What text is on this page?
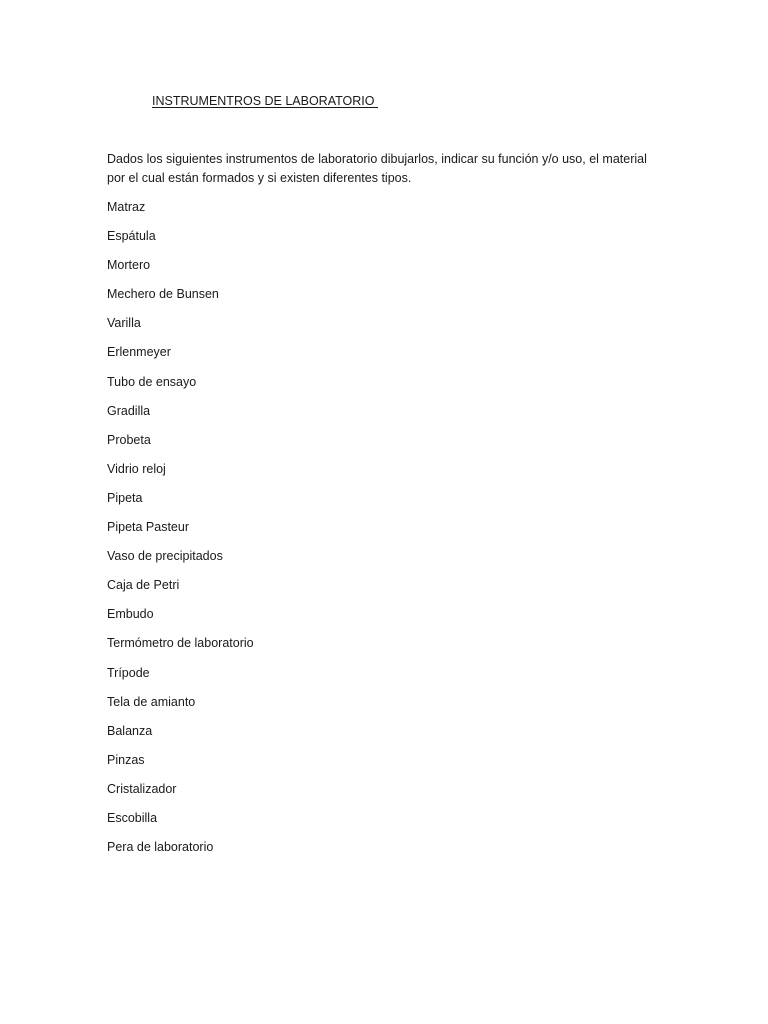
INSTRUMENTROS DE LABORATORIO

Dados los siguientes instrumentos de laboratorio dibujarlos, indicar su función y/o uso, el material por el cual están formados y si existen diferentes tipos.

Matraz
Espátula
Mortero
Mechero de Bunsen
Varilla
Erlenmeyer
Tubo de ensayo
Gradilla
Probeta
Vidrio reloj
Pipeta
Pipeta Pasteur
Vaso de precipitados
Caja de Petri
Embudo
Termómetro de laboratorio
Trípode
Tela de amianto
Balanza
Pinzas
Cristalizador
Escobilla
Pera de laboratorio
